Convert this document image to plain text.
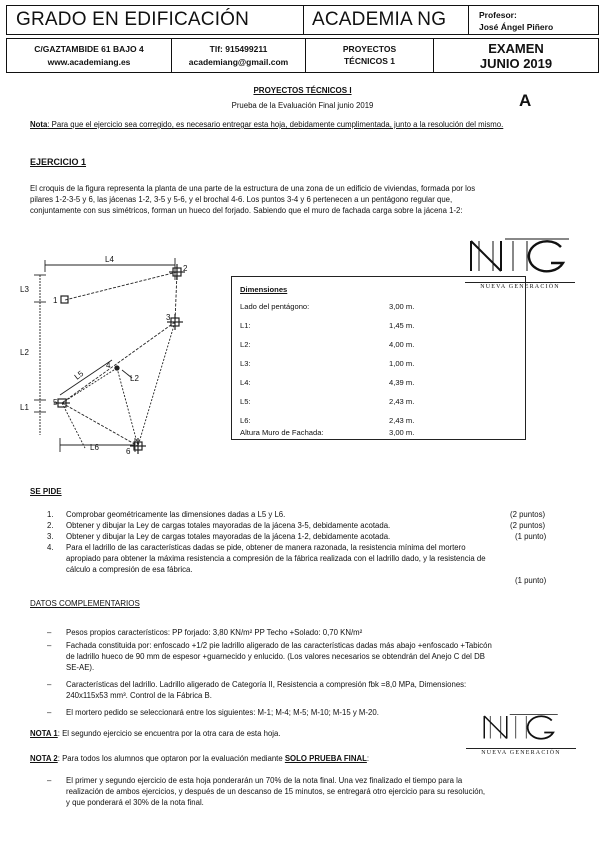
GRADO EN EDIFICACIÓN	ACADEMIA NG	Profesor:
José Ángel Piñero
C/GAZTAMBIDE 61 BAJO 4
www.academiang.es
Tlf: 915499211
academiang@gmail.com
PROYECTOS
TÉCNICOS 1
EXAMEN
JUNIO 2019
PROYECTOS TÉCNICOS I
Prueba de la Evaluación Final junio 2019	A
Nota: Para que el ejercicio sea corregido, es necesario entregar esta hoja, debidamente cumplimentada, junto a la resolución del mismo.
EJERCICIO 1
El croquis de la figura representa la planta de una parte de la estructura de una zona de un edificio de viviendas, formada por los
pilares 1-2-3-5 y 6, las jácenas 1-2, 3-5 y 5-6, y el brochal 4-6. Los puntos 3-4 y 6 pertenecen a un pentágono regular que,
conjuntamente con sus simétricos, forman un hueco del forjado. Sabiendo que el muro de fachada carga sobre la jácena 1-2:
NUEVA GENERACIÓN
L4
L3
L2
L5	L2
L1
L6
1
2
3
4
5
6
Dimensiones
Lado del pentágono:	3,00 m.
L1:	1,45 m.
L2:	4,00 m.
L3:	1,00 m.
L4:	4,39 m.
L5:	2,43 m.
L6:	2,43 m.
Altura Muro de Fachada:	3,00 m.
SE PIDE
1. Comprobar geométricamente las dimensiones dadas a L5 y L6.	(2 puntos)
2. Obtener y dibujar la Ley de cargas totales mayoradas de la jácena 3-5, debidamente acotada.	(2 puntos)
3. Obtener y dibujar la Ley de cargas totales mayoradas de la jácena 1-2, debidamente acotada.	(1 punto)
4. Para el ladrillo de las características dadas se pide, obtener de manera razonada, la resistencia mínima del mortero
apropiado para obtener la máxima resistencia a compresión de la fábrica realizada con el ladrillo dado, y la resistencia de
cálculo a compresión de esa fábrica.
(1 punto)
DATOS COMPLEMENTARIOS
– Pesos propios característicos: PP forjado: 3,80 KN/m² PP Techo +Solado: 0,70 KN/m²
– Fachada constituida por: enfoscado +1/2 pie ladrillo aligerado de las características dadas más abajo +enfoscado +Tabicón
de ladrillo hueco de 90 mm de espesor +guarnecido y enlucido. (Los valores necesarios se obtendrán del Anejo C del DB
SE-AE).
– Características del ladrillo. Ladrillo aligerado de Categoría II, Resistencia a compresión fbk =8,0 MPa, Dimensiones:
240x115x53 mm³. Control de la Fábrica B.
– El mortero pedido se seleccionará entre los siguientes: M-1; M-4; M-5; M-10; M-15 y M-20.
NOTA 1: El segundo ejercicio se encuentra por la otra cara de esta hoja.
NOTA 2: Para todos los alumnos que optaron por la evaluación mediante SOLO PRUEBA FINAL:
NUEVA GENERACIÓN
– El primer y segundo ejercicio de esta hoja ponderarán un 70% de la nota final. Una vez finalizado el tiempo para la
realización de ambos ejercicios, y después de un descanso de 15 minutos, se entregará otro ejercicio para su resolución,
y que ponderará el 30% de la nota final.
